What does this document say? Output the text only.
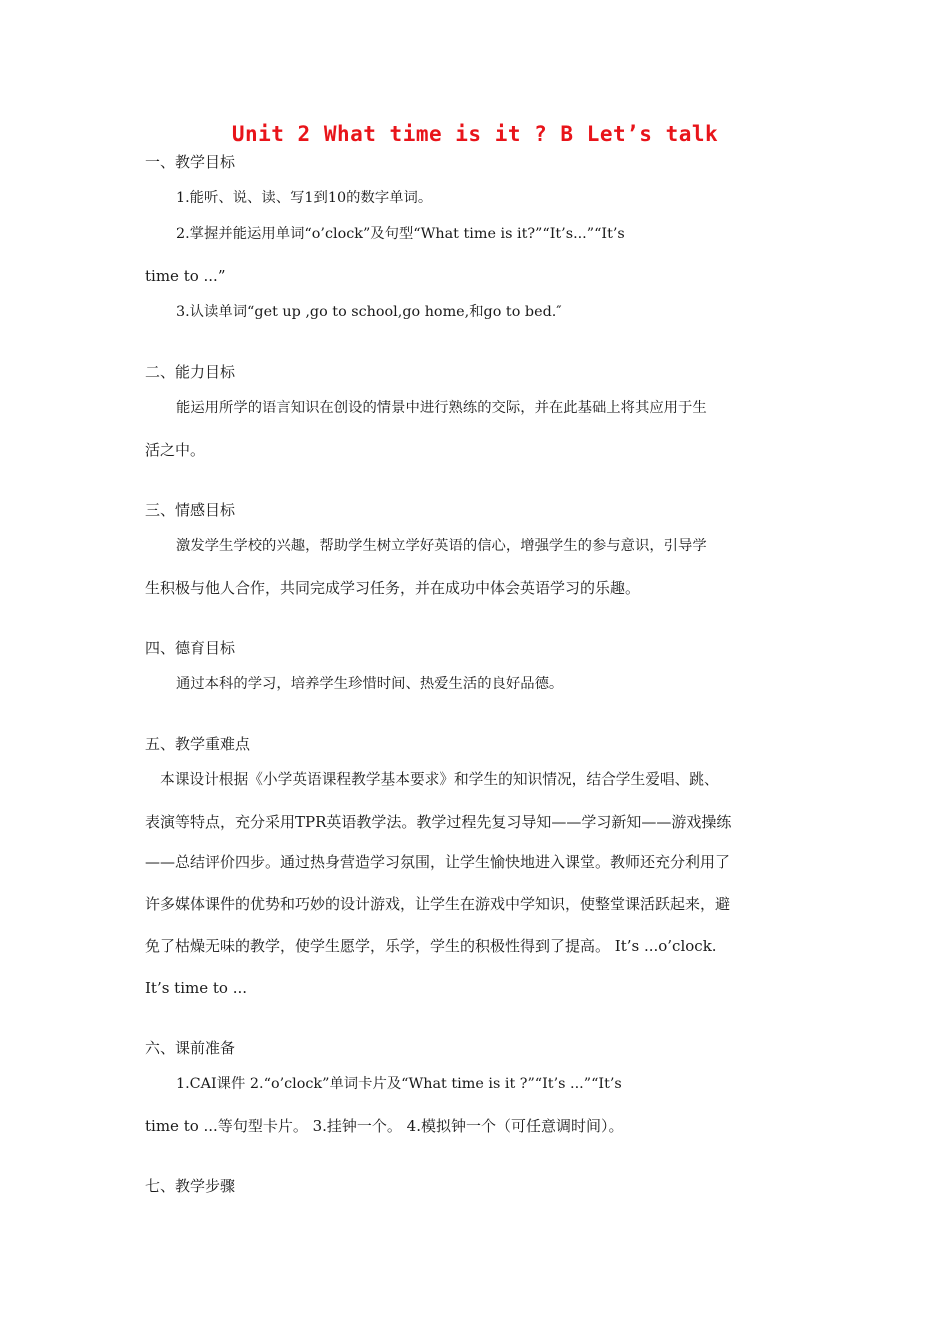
Unit 2 What time is it ? B Let’s talk
一、教学目标
1.能听、说、读、写1到10的数字单词。
2.掌握并能运用单词“o’clock”及句型“What time is it?”“It’s...”“It’s
time to ...”
3.认读单词“get up ,go to school,go home,和go to bed.″
二、能力目标
能运用所学的语言知识在创设的情景中进行熟练的交际，并在此基础上将其应用于生
活之中。
三、情感目标
激发学生学校的兴趣，帮助学生树立学好英语的信心，增强学生的参与意识，引导学
生积极与他人合作，共同完成学习任务，并在成功中体会英语学习的乐趣。
四、德育目标
通过本科的学习，培养学生珍惜时间、热爱生活的良好品德。
五、教学重难点
本课设计根据《小学英语课程教学基本要求》和学生的知识情况，结合学生爱唱、跳、
表演等特点，充分采用TPR英语教学法。教学过程先复习导知——学习新知——游戏操练
——总结评价四步。通过热身营造学习氛围，让学生愉快地进入课堂。教师还充分利用了
许多媒体课件的优势和巧妙的设计游戏，让学生在游戏中学知识，使整堂课活跃起来，避
免了枯燥无味的教学，使学生愿学，乐学，学生的积极性得到了提高。 It’s ...o’clock.
It’s time to ...
六、课前准备
1.CAI课件 2.“o’clock”单词卡片及“What time is it ?”“It’s ...”“It’s
time to ...等句型卡片。 3.挂钟一个。 4.模拟钟一个（可任意调时间）。
七、教学步骤
